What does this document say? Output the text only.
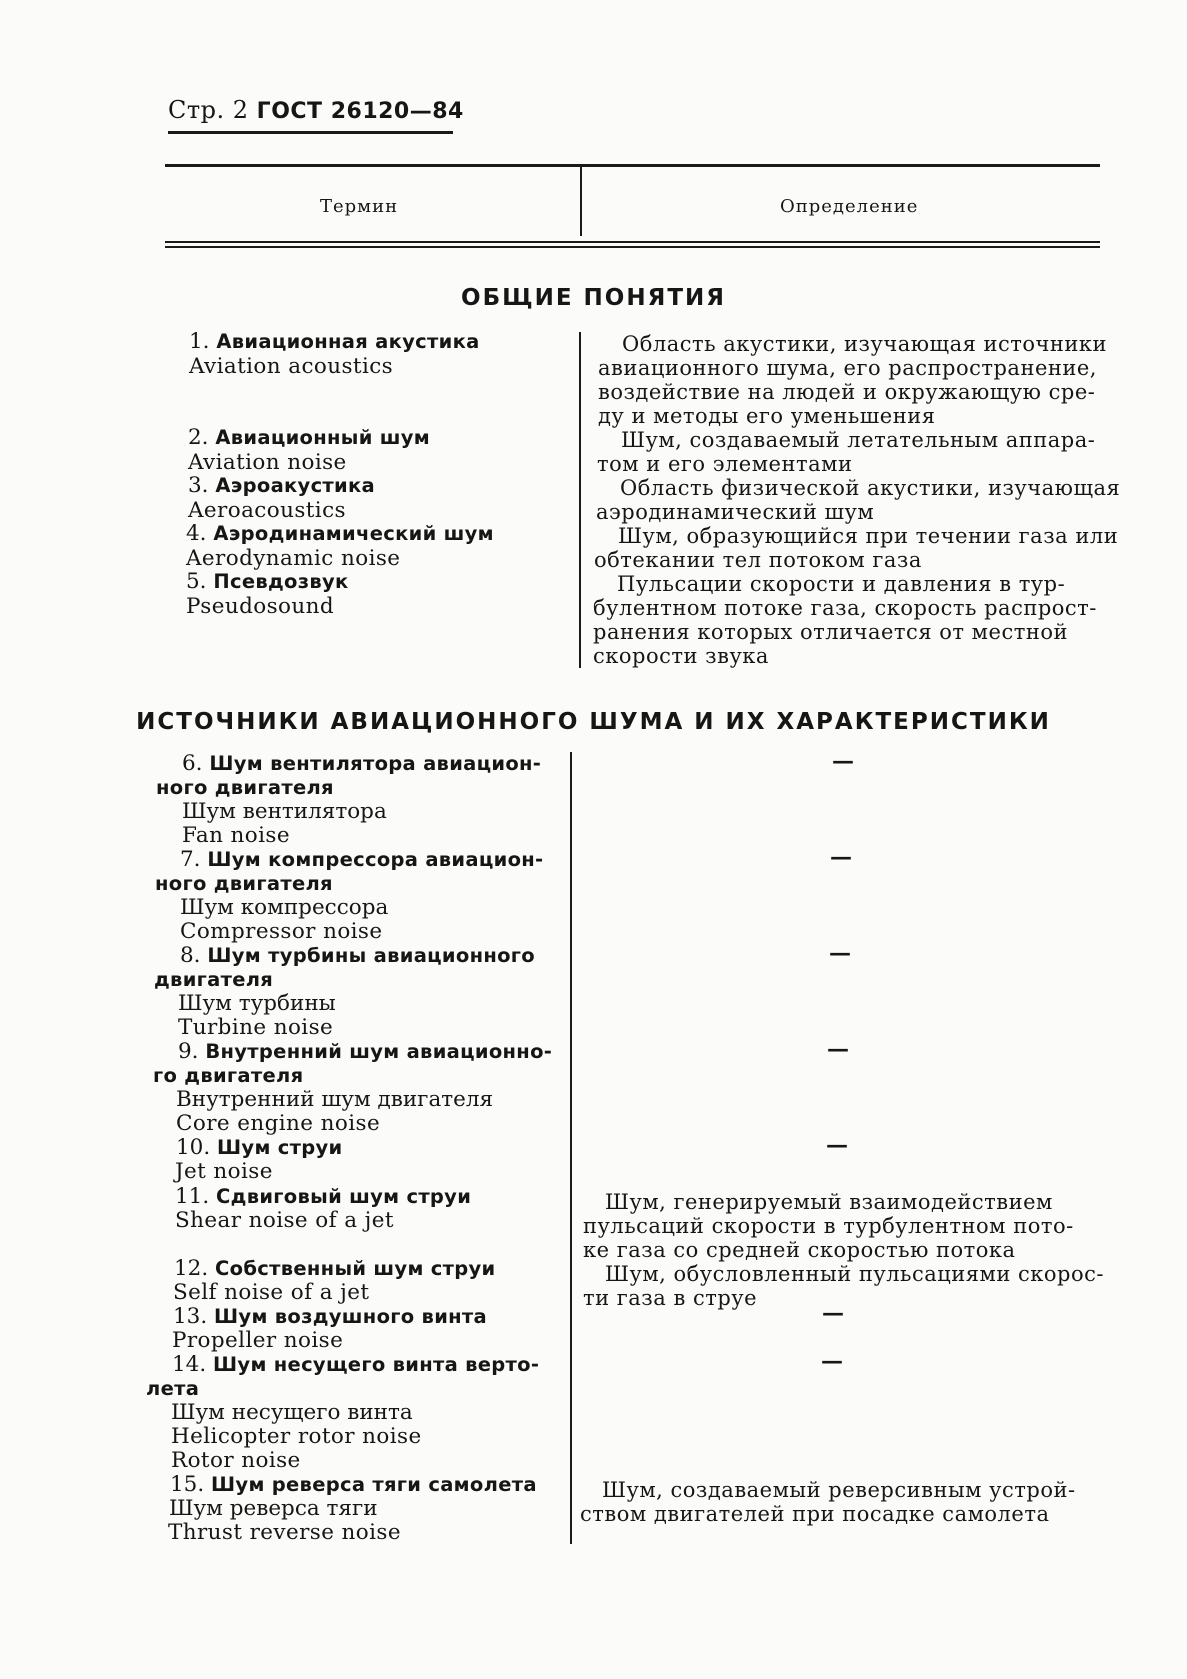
Стр. 2 ГОСТ 26120—84
Термин	Определение
ОБЩИЕ ПОНЯТИЯ
1. Авиационная акустика
Aviation acoustics
2. Авиационный шум
Aviation noise
3. Аэроакустика
Aeroacoustics
4. Аэродинамический шум
Aerodynamic noise
5. Псевдозвук
Pseudosound
Область акустики, изучающая источники
авиационного шума, его распространение,
воздействие на людей и окружающую сре-
ду и методы его уменьшения
Шум, создаваемый летательным аппара-
том и его элементами
Область физической акустики, изучающая
аэродинамический шум
Шум, образующийся при течении газа или
обтекании тел потоком газа
Пульсации скорости и давления в тур-
булентном потоке газа, скорость распрост-
ранения которых отличается от местной
скорости звука
ИСТОЧНИКИ АВИАЦИОННОГО ШУМА И ИХ ХАРАКТЕРИСТИКИ
6. Шум вентилятора авиацион-
ного двигателя
Шум вентилятора
Fan noise
7. Шум компрессора авиацион-
ного двигателя
Шум компрессора
Compressor noise
8. Шум турбины авиационного
двигателя
Шум турбины
Turbine noise
9. Внутренний шум авиационно-
го двигателя
Внутренний шум двигателя
Core engine noise
10. Шум струи
Jet noise
11. Сдвиговый шум струи
Shear noise of a jet
12. Собственный шум струи
Self noise of a jet
13. Шум воздушного винта
Propeller noise
14. Шум несущего винта верто-
лета
Шум несущего винта
Helicopter rotor noise
Rotor noise
15. Шум реверса тяги самолета
Шум реверса тяги
Thrust reverse noise
—
—
—
—
—
—
—
Шум, генерируемый взаимодействием
пульсаций скорости в турбулентном пото-
ке газа со средней скоростью потока
Шум, обусловленный пульсациями скорос-
ти газа в струе
Шум, создаваемый реверсивным устрой-
ством двигателей при посадке самолета
